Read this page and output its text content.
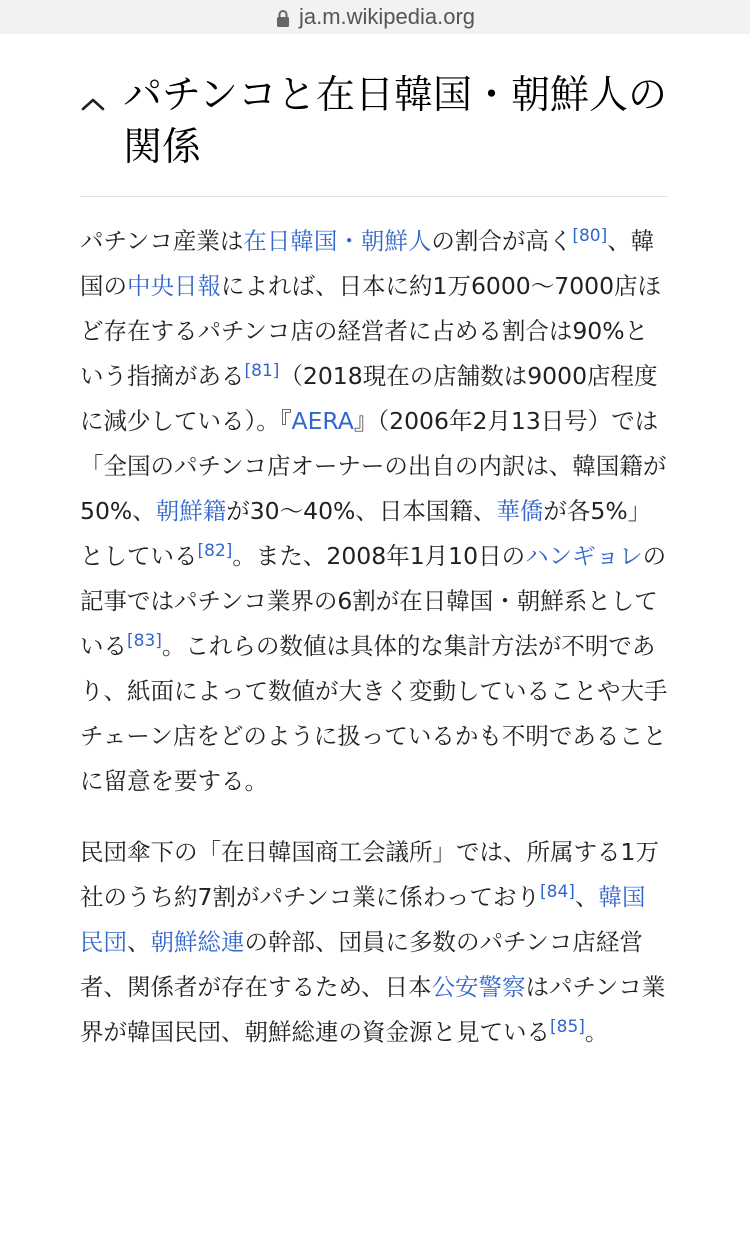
ja.m.wikipedia.org
パチンコと在日韓国・朝鮮人の関係

パチンコ産業は在日韓国・朝鮮人の割合が高く[80]、韓国の中央日報によれば、日本に約1万6000〜7000店ほど存在するパチンコ店の経営者に占める割合は90%という指摘がある[81]（2018現在の店舗数は9000店程度に減少している）。『AERA』（2006年2月13日号）では「全国のパチンコ店オーナーの出自の内訳は、韓国籍が50%、朝鮮籍が30〜40%、日本国籍、華僑が各5%」としている[82]。また、2008年1月10日のハンギョレの記事ではパチンコ業界の6割が在日韓国・朝鮮系としている[83]。これらの数値は具体的な集計方法が不明であり、紙面によって数値が大きく変動していることや大手チェーン店をどのように扱っているかも不明であることに留意を要する。

民団傘下の「在日韓国商工会議所」では、所属する1万社のうち約7割がパチンコ業に係わっており[84]、韓国民団、朝鮮総連の幹部、団員に多数のパチンコ店経営者、関係者が存在するため、日本公安警察はパチンコ業界が韓国民団、朝鮮総連の資金源と見ている[85]。
